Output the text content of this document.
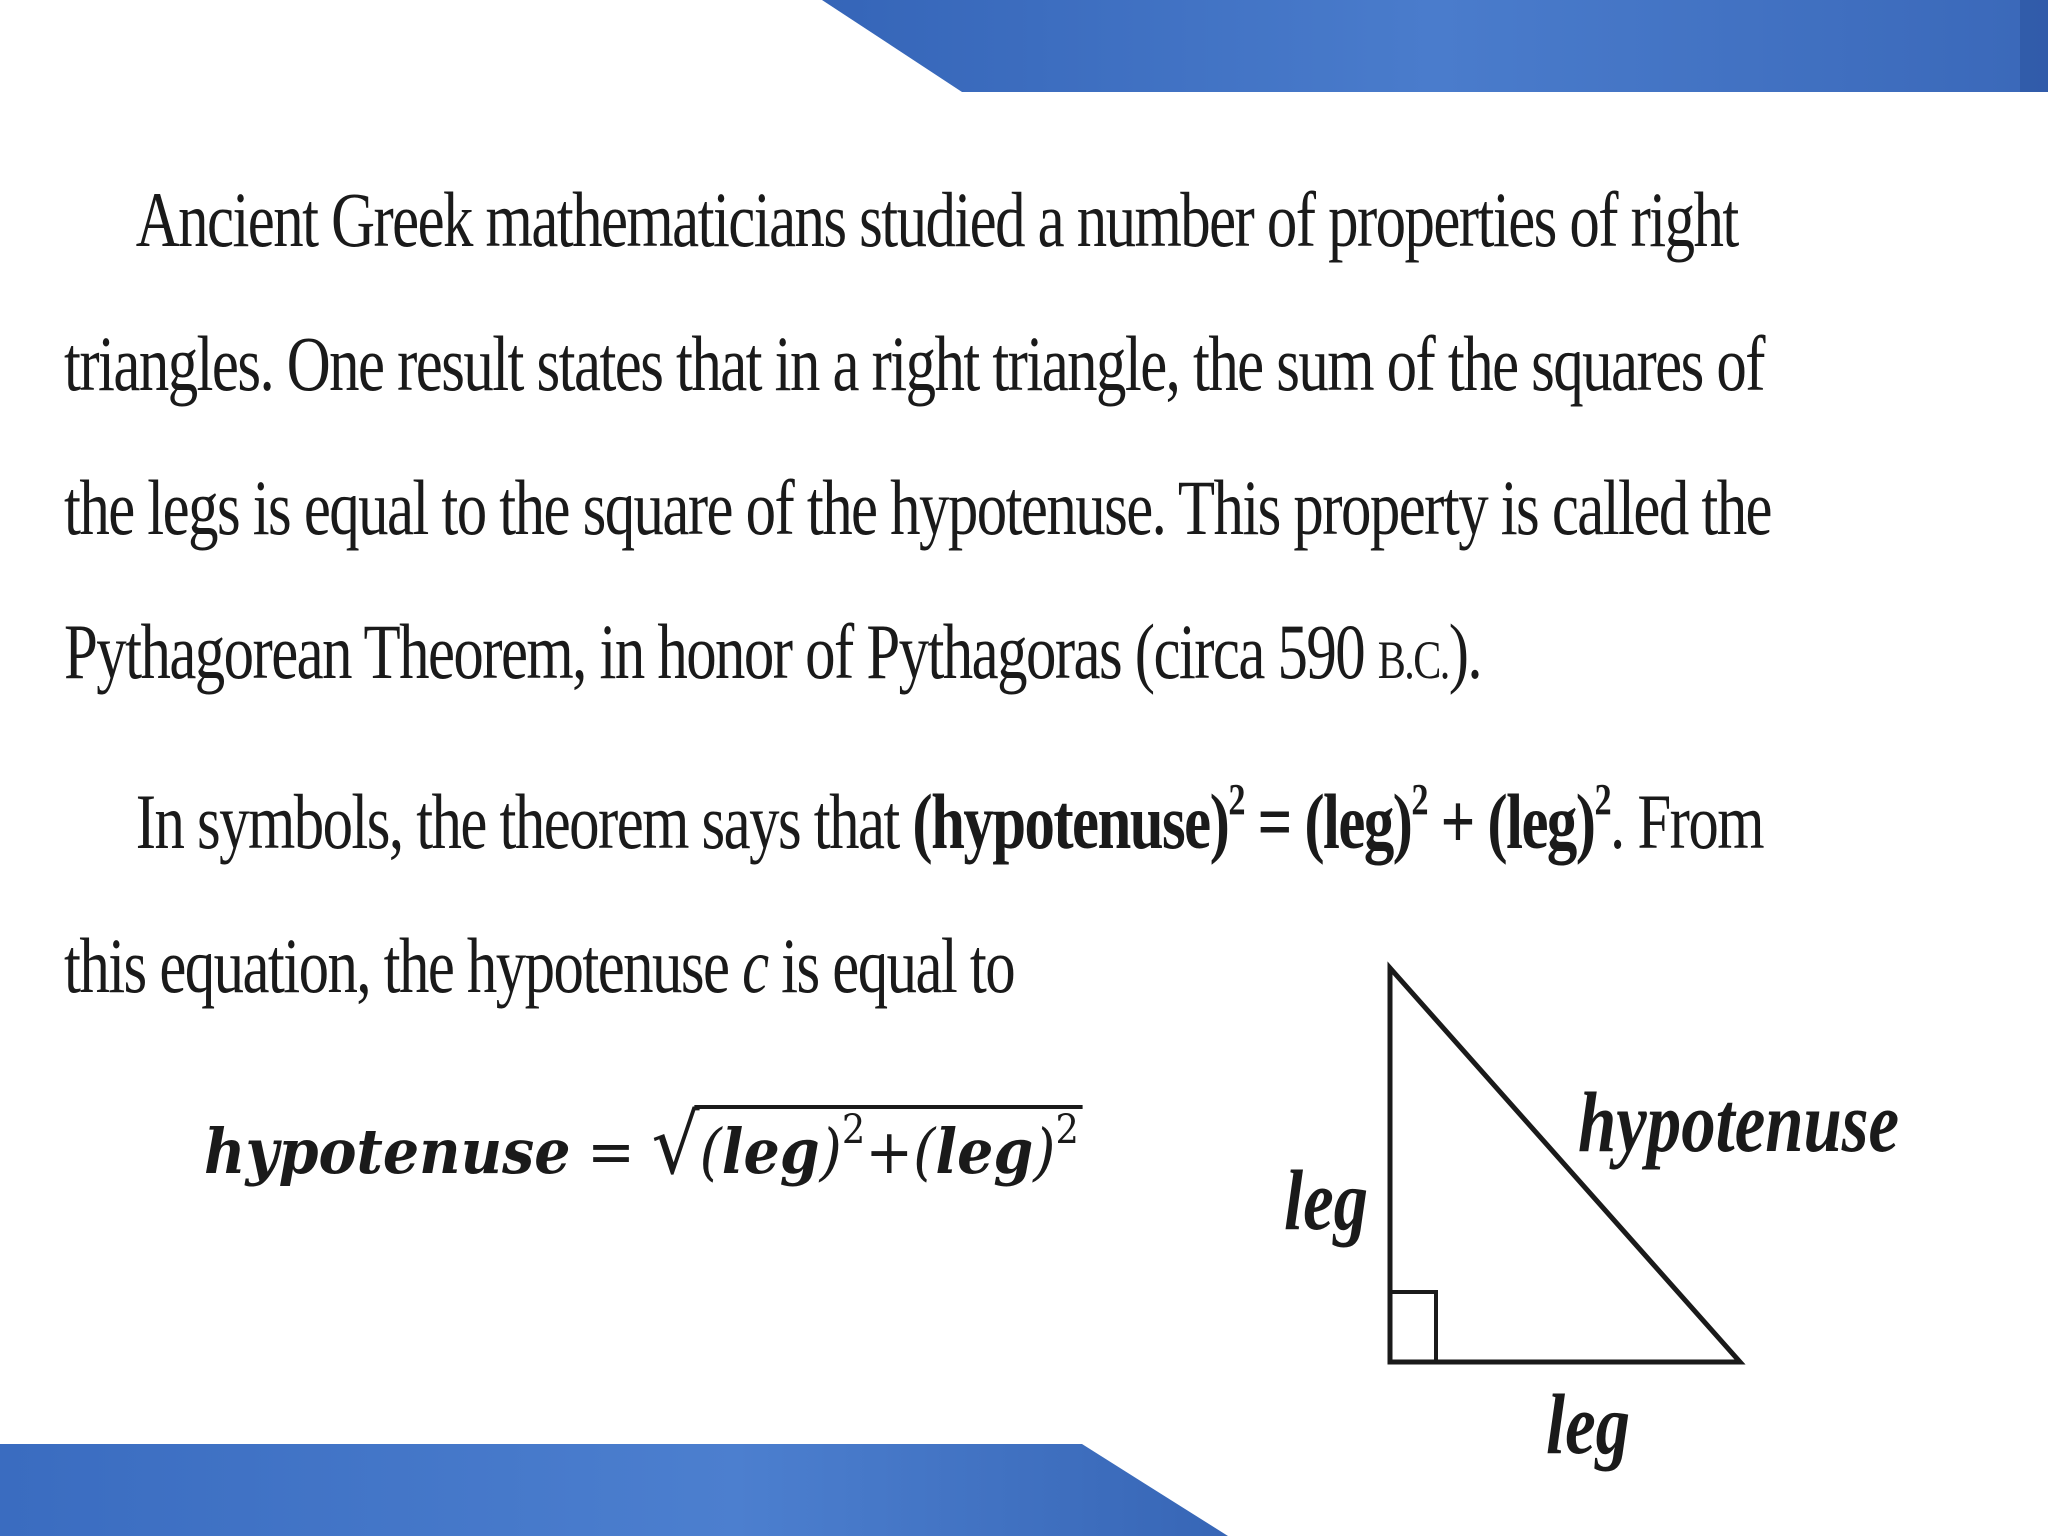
Ancient Greek mathematicians studied a number of properties of right
triangles. One result states that in a right triangle, the sum of the squares of
the legs is equal to the square of the hypotenuse. This property is called the
Pythagorean Theorem, in honor of Pythagoras (circa 590 B.C.).
In symbols, the theorem says that (hypotenuse)$^2$ = (leg)$^2$ + (leg)$^2$. From
this equation, the hypotenuse c is equal to
hypotenuse = √(leg)$^2$+(leg)$^2$	hypotenuse
leg
leg
